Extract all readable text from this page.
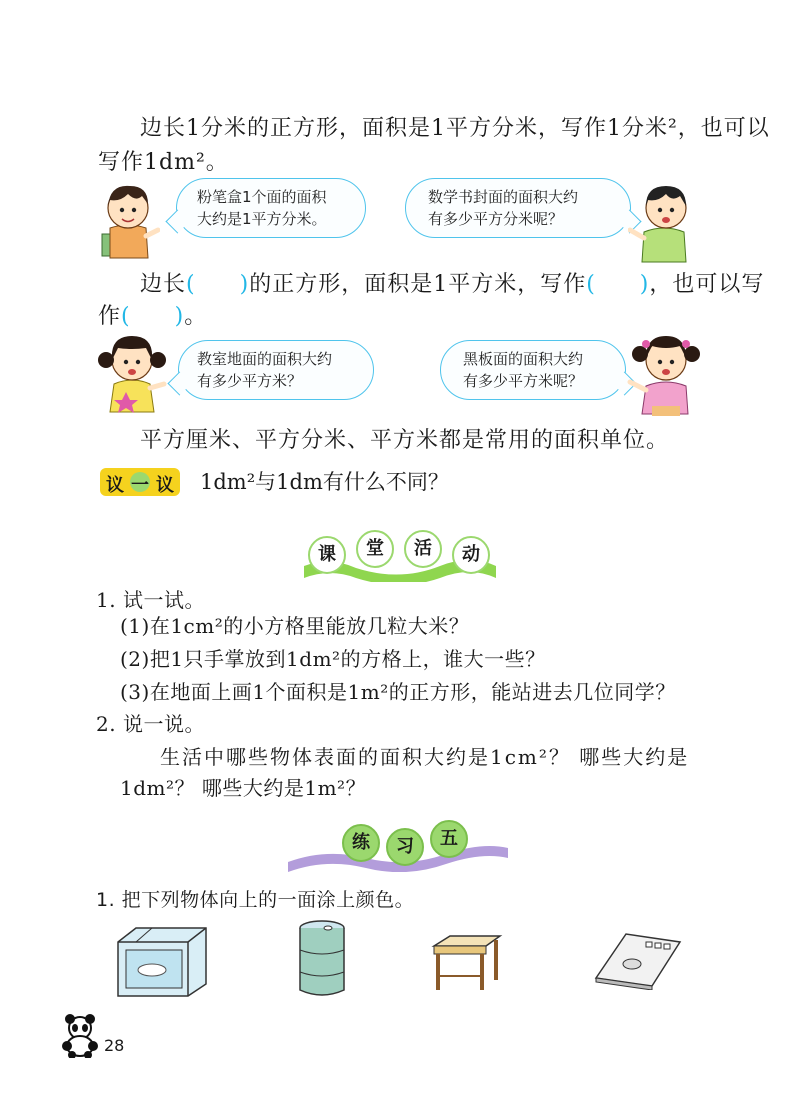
边长1分米的正方形，面积是1平方分米，写作1分米²，也可以
写作1dm²。
粉笔盒1个面的面积
大约是1平方分米。
数学书封面的面积大约
有多少平方分米呢？
边长( )的正方形，面积是1平方米，写作( )，也可以写
作( )。
教室地面的面积大约
有多少平方米？
黑板面的面积大约
有多少平方米呢？
平方厘米、平方分米、平方米都是常用的面积单位。
议 一 议 1dm²与1dm有什么不同？
课	堂	活	动
1. 试一试。
(1)在1cm²的小方格里能放几粒大米？
(2)把1只手掌放到1dm²的方格上，谁大一些？
(3)在地面上画1个面积是1m²的正方形，能站进去几位同学？
2. 说一说。
生活中哪些物体表面的面积大约是1cm²？ 哪些大约是
1dm²？ 哪些大约是1m²？
练	习	五
1. 把下列物体向上的一面涂上颜色。
28
